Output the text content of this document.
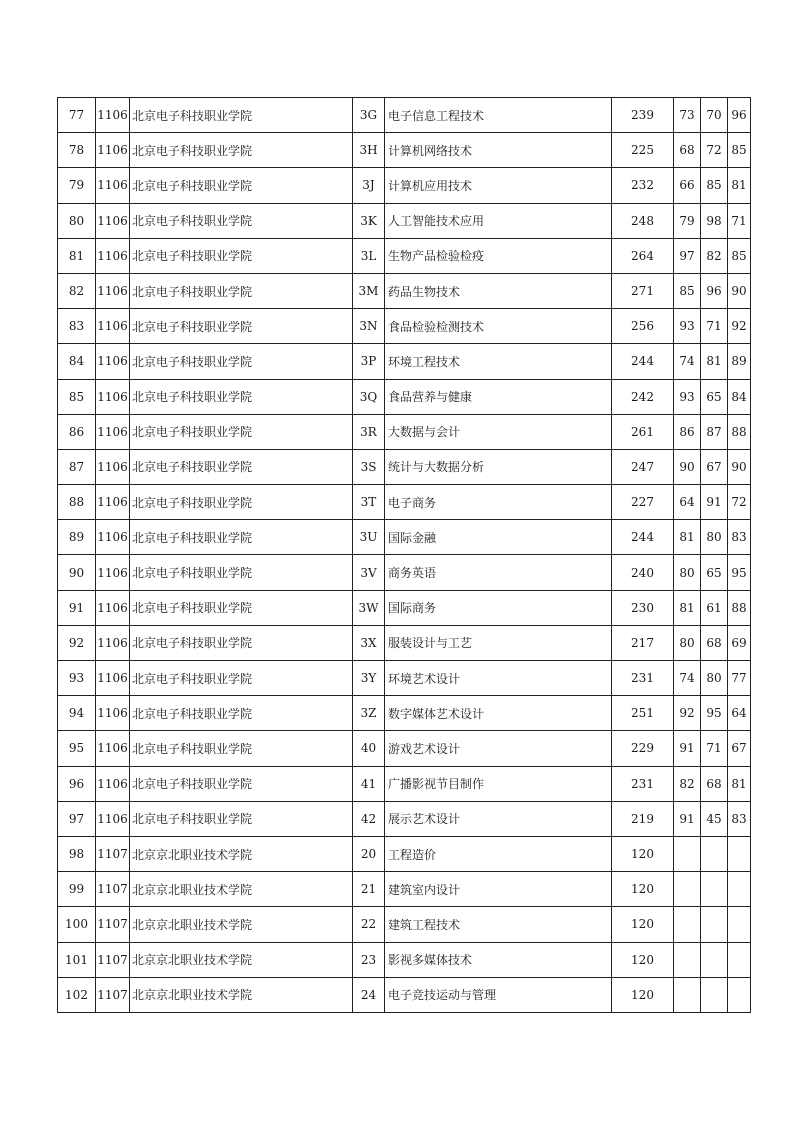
77	1106	北京电子科技职业学院	3G	电子信息工程技术	239	73	70	96
78	1106	北京电子科技职业学院	3H	计算机网络技术	225	68	72	85
79	1106	北京电子科技职业学院	3J	计算机应用技术	232	66	85	81
80	1106	北京电子科技职业学院	3K	人工智能技术应用	248	79	98	71
81	1106	北京电子科技职业学院	3L	生物产品检验检疫	264	97	82	85
82	1106	北京电子科技职业学院	3M	药品生物技术	271	85	96	90
83	1106	北京电子科技职业学院	3N	食品检验检测技术	256	93	71	92
84	1106	北京电子科技职业学院	3P	环境工程技术	244	74	81	89
85	1106	北京电子科技职业学院	3Q	食品营养与健康	242	93	65	84
86	1106	北京电子科技职业学院	3R	大数据与会计	261	86	87	88
87	1106	北京电子科技职业学院	3S	统计与大数据分析	247	90	67	90
88	1106	北京电子科技职业学院	3T	电子商务	227	64	91	72
89	1106	北京电子科技职业学院	3U	国际金融	244	81	80	83
90	1106	北京电子科技职业学院	3V	商务英语	240	80	65	95
91	1106	北京电子科技职业学院	3W	国际商务	230	81	61	88
92	1106	北京电子科技职业学院	3X	服装设计与工艺	217	80	68	69
93	1106	北京电子科技职业学院	3Y	环境艺术设计	231	74	80	77
94	1106	北京电子科技职业学院	3Z	数字媒体艺术设计	251	92	95	64
95	1106	北京电子科技职业学院	40	游戏艺术设计	229	91	71	67
96	1106	北京电子科技职业学院	41	广播影视节目制作	231	82	68	81
97	1106	北京电子科技职业学院	42	展示艺术设计	219	91	45	83
98	1107	北京京北职业技术学院	20	工程造价	120			
99	1107	北京京北职业技术学院	21	建筑室内设计	120			
100	1107	北京京北职业技术学院	22	建筑工程技术	120			
101	1107	北京京北职业技术学院	23	影视多媒体技术	120			
102	1107	北京京北职业技术学院	24	电子竞技运动与管理	120			
